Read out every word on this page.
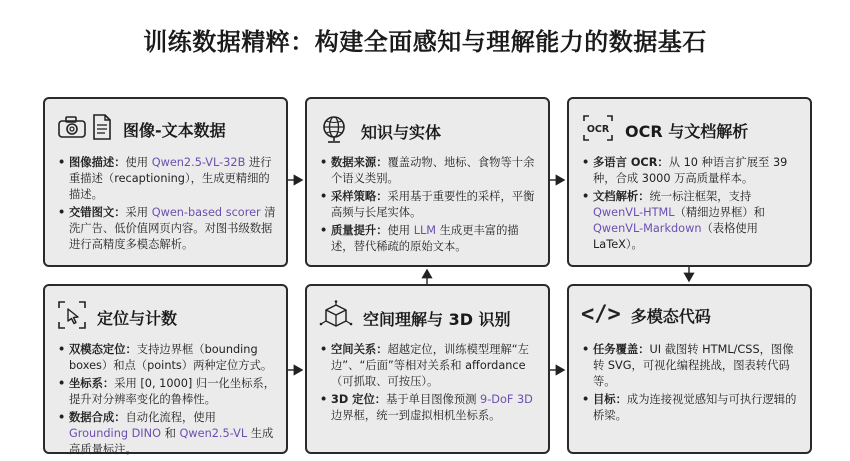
训练数据精粹：构建全面感知与理解能力的数据基石
图像-文本数据
• 图像描述：使用 Qwen2.5-VL-32B 进行重描述（recaptioning），生成更精细的描述。
• 交错图文：采用 Qwen-based scorer 清洗广告、低价值网页内容。对图书级数据进行高精度多模态解析。
知识与实体
• 数据来源：覆盖动物、地标、食物等十余个语义类别。
• 采样策略：采用基于重要性的采样，平衡高频与长尾实体。
• 质量提升：使用 LLM 生成更丰富的描述，替代稀疏的原始文本。
OCR OCR 与文档解析
• 多语言 OCR：从 10 种语言扩展至 39 种，合成 3000 万高质量样本。
• 文档解析：统一标注框架，支持 QwenVL-HTML（精细边界框）和 QwenVL-Markdown（表格使用 LaTeX）。
定位与计数
• 双模态定位：支持边界框（bounding boxes）和点（points）两种定位方式。
• 坐标系：采用 [0, 1000] 归一化坐标系，提升对分辨率变化的鲁棒性。
• 数据合成：自动化流程，使用 Grounding DINO 和 Qwen2.5-VL 生成高质量标注。
空间理解与 3D 识别
• 空间关系：超越定位，训练模型理解“左边”、“后面”等相对关系和 affordance（可抓取、可按压）。
• 3D 定位：基于单目图像预测 9-DoF 3D 边界框，统一到虚拟相机坐标系。
</> 多模态代码
• 任务覆盖：UI 截图转 HTML/CSS，图像转 SVG，可视化编程挑战，图表转代码等。
• 目标：成为连接视觉感知与可执行逻辑的桥梁。
